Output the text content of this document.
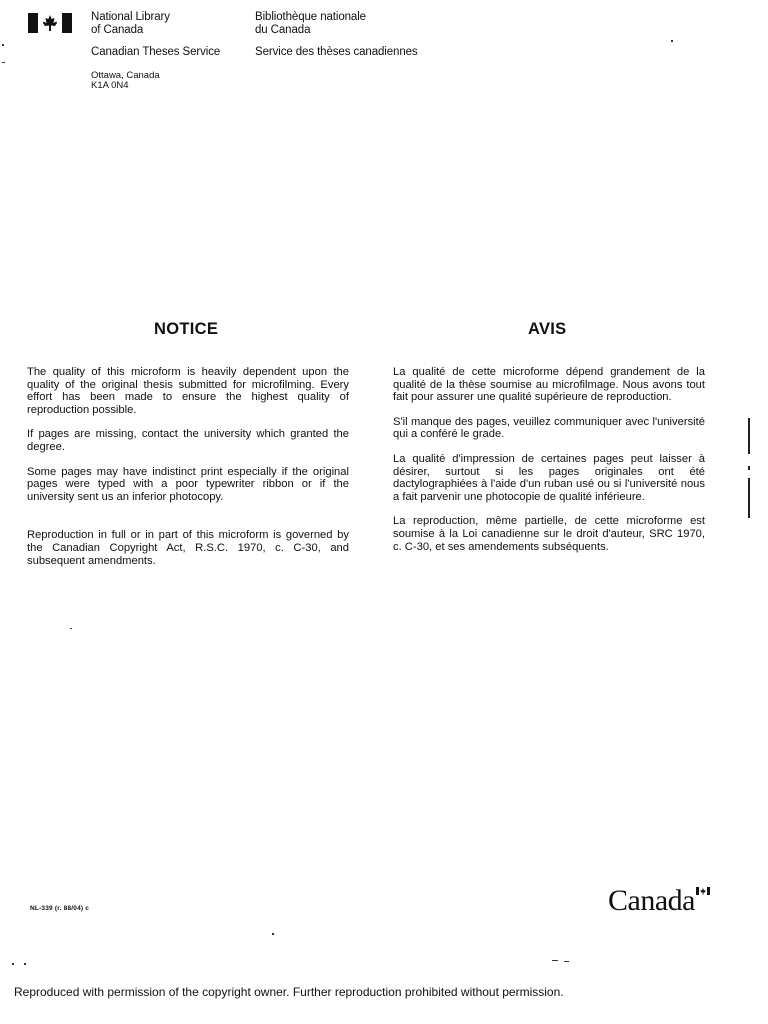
National Library
of Canada
Bibliothèque nationale
du Canada
Canadian Theses Service	Service des thèses canadiennes
Ottawa, Canada
K1A 0N4
NOTICE	AVIS

The quality of this microform is heavily dependent upon the quality of the original thesis submitted for microfilming. Every effort has been made to ensure the highest quality of reproduction possible.

If pages are missing, contact the university which granted the degree.

Some pages may have indistinct print especially if the original pages were typed with a poor typewriter ribbon or if the university sent us an inferior photocopy.

Reproduction in full or in part of this microform is governed by the Canadian Copyright Act, R.S.C. 1970, c. C-30, and subsequent amendments.

La qualité de cette microforme dépend grandement de la qualité de la thèse soumise au microfilmage. Nous avons tout fait pour assurer une qualité supérieure de reproduction.

S'il manque des pages, veuillez communiquer avec l'université qui a conféré le grade.

La qualité d'impression de certaines pages peut laisser à désirer, surtout si les pages originales ont été dactylographiées à l'aide d'un ruban usé ou si l'université nous a fait parvenir une photocopie de qualité inférieure.

La reproduction, même partielle, de cette microforme est soumise à la Loi canadienne sur le droit d'auteur, SRC 1970, c. C-30, et ses amendements subséquents.

NL-339 (r. 88/04) c	Canada
Reproduced with permission of the copyright owner. Further reproduction prohibited without permission.
